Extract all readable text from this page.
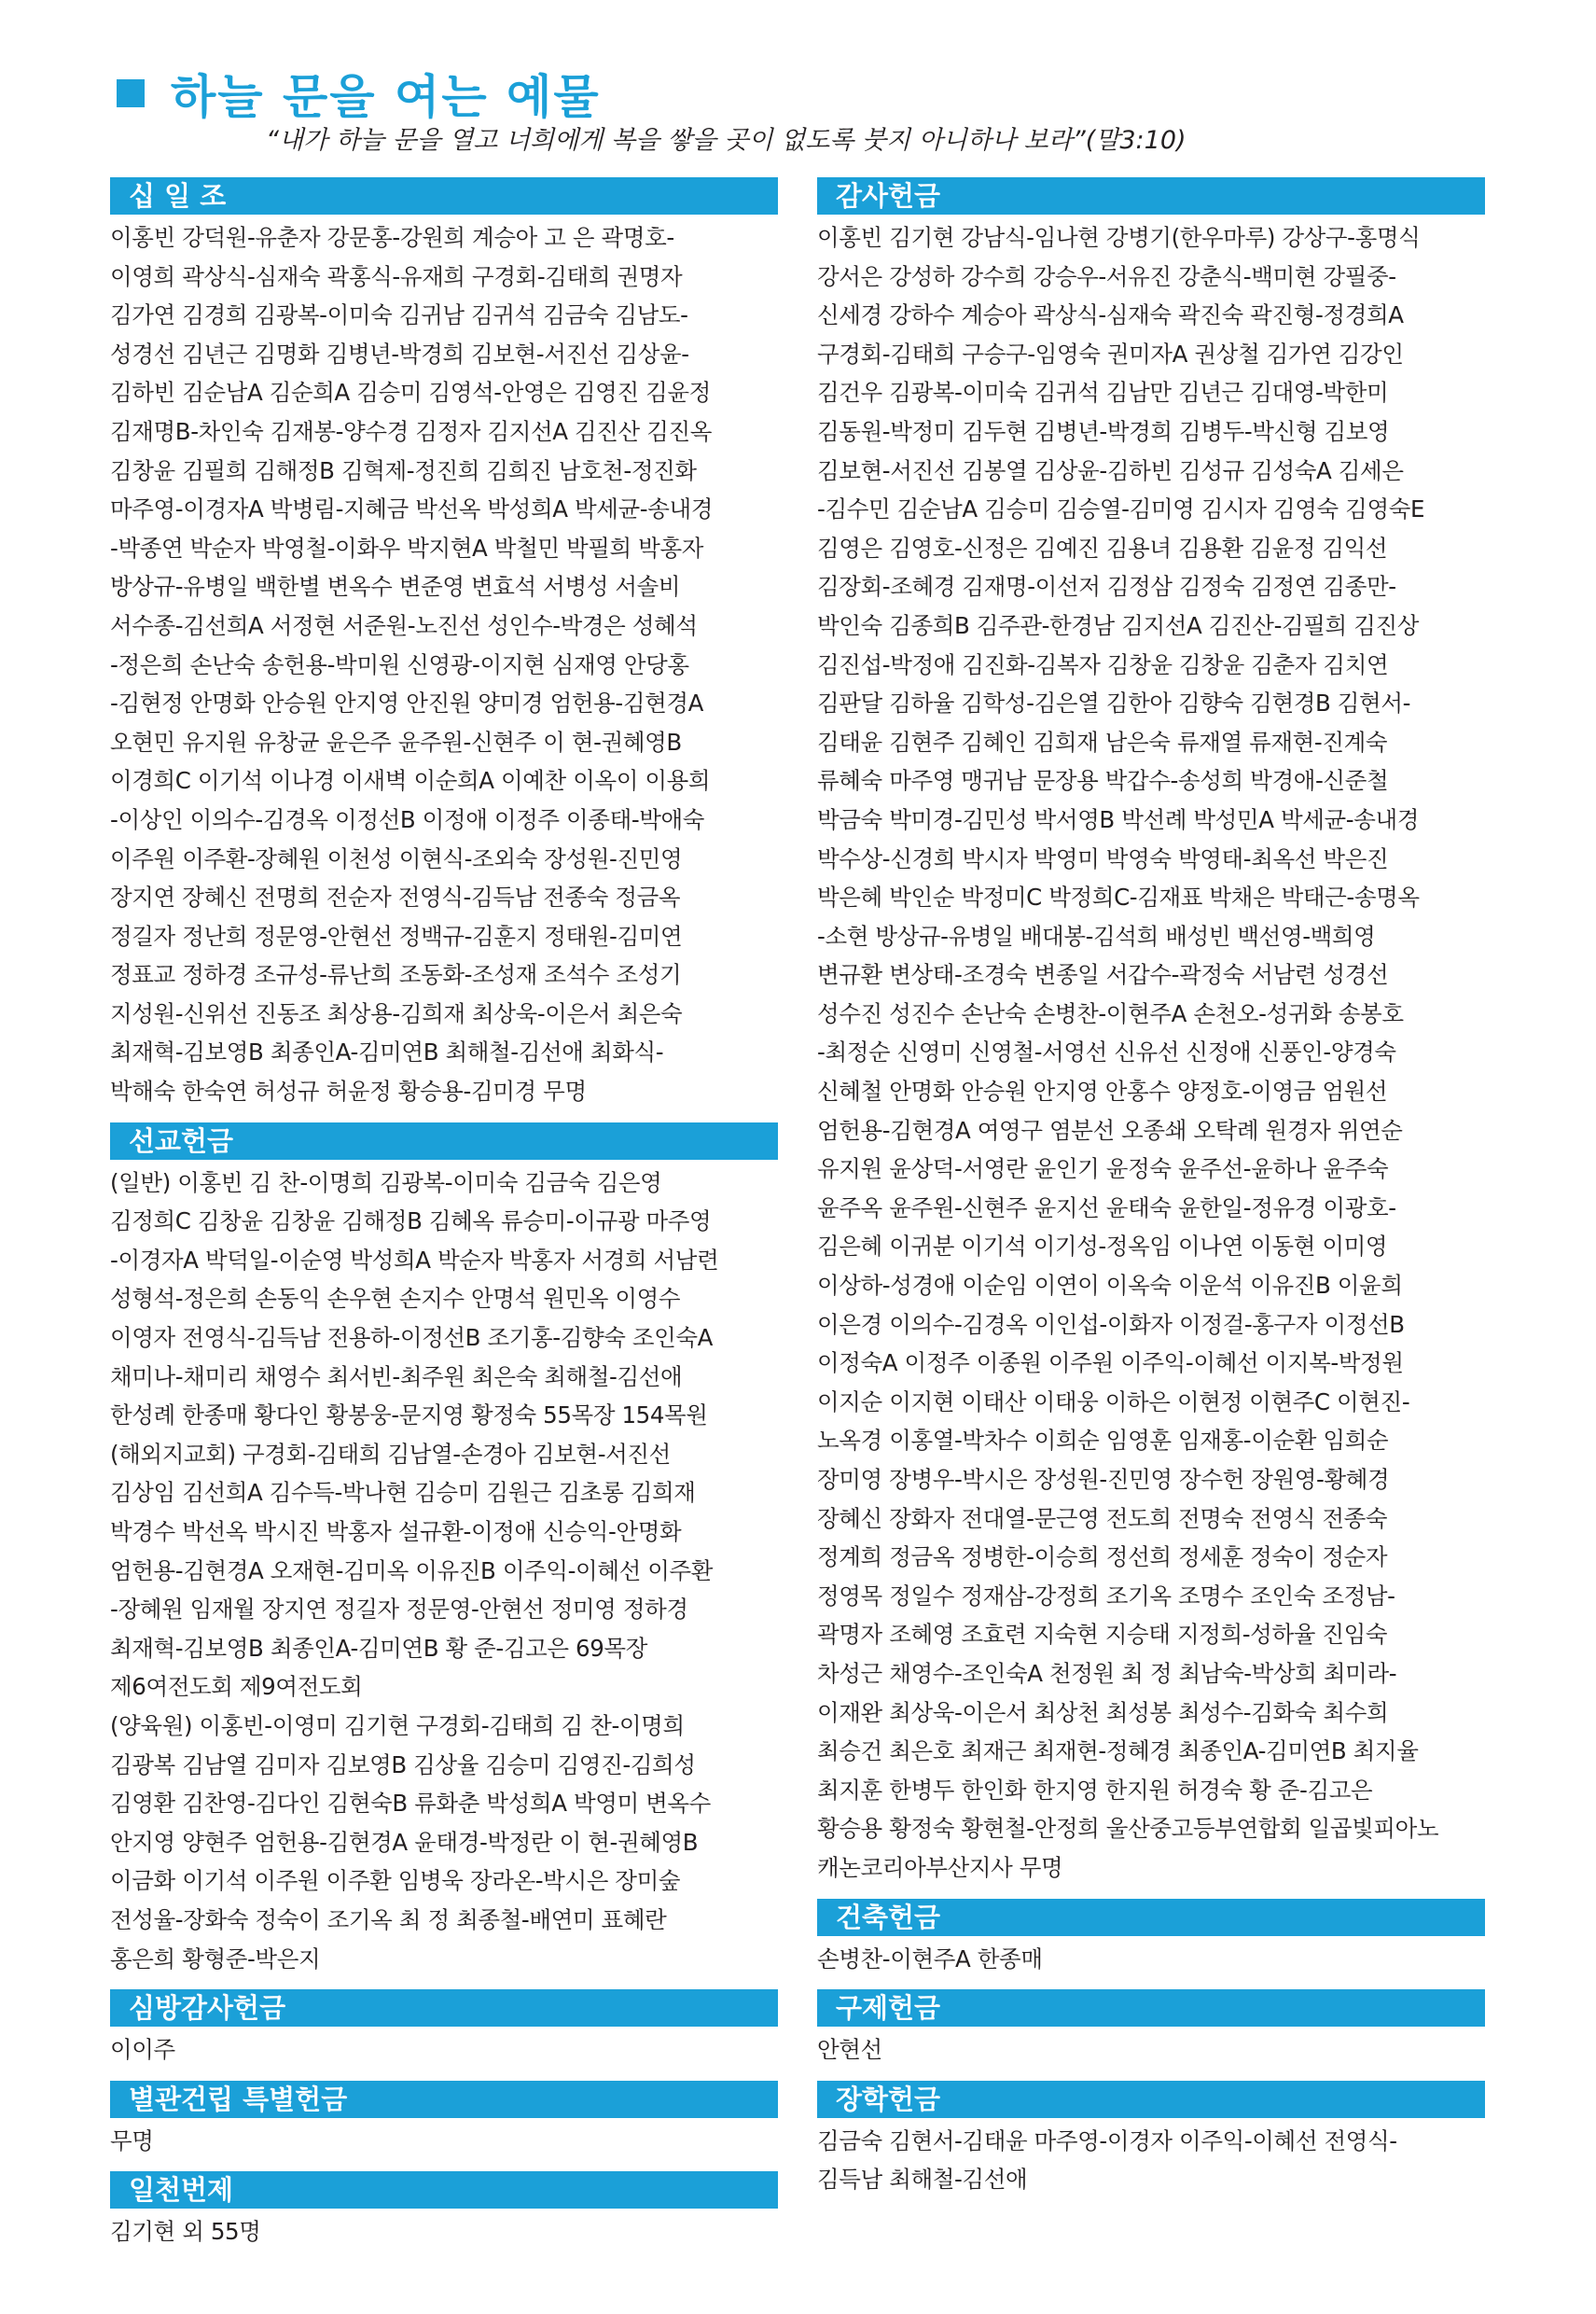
하늘 문을 여는 예물
“내가 하늘 문을 열고 너희에게 복을 쌓을 곳이 없도록 붓지 아니하나 보라”(말3:10)
십 일 조
이홍빈 강덕원-유춘자 강문홍-강원희 계승아 고 은 곽명호-
이영희 곽상식-심재숙 곽홍식-유재희 구경회-김태희 권명자
김가연 김경희 김광복-이미숙 김귀남 김귀석 김금숙 김남도-
성경선 김년근 김명화 김병년-박경희 김보현-서진선 김상윤-
김하빈 김순남A 김순희A 김승미 김영석-안영은 김영진 김윤정
김재명B-차인숙 김재봉-양수경 김정자 김지선A 김진산 김진옥
김창윤 김필희 김해정B 김혁제-정진희 김희진 남호천-정진화
마주영-이경자A 박병림-지혜금 박선옥 박성희A 박세균-송내경
-박종연 박순자 박영철-이화우 박지현A 박철민 박필희 박홍자
방상규-유병일 백한별 변옥수 변준영 변효석 서병성 서솔비
서수종-김선희A 서정현 서준원-노진선 성인수-박경은 성혜석
-정은희 손난숙 송헌용-박미원 신영광-이지현 심재영 안당홍
-김현정 안명화 안승원 안지영 안진원 양미경 엄헌용-김현경A
오현민 유지원 유창균 윤은주 윤주원-신현주 이 현-권혜영B
이경희C 이기석 이나경 이새벽 이순희A 이예찬 이옥이 이용희
-이상인 이의수-김경옥 이정선B 이정애 이정주 이종태-박애숙
이주원 이주환-장혜원 이천성 이현식-조외숙 장성원-진민영
장지연 장혜신 전명희 전순자 전영식-김득남 전종숙 정금옥
정길자 정난희 정문영-안현선 정백규-김훈지 정태원-김미연
정표교 정하경 조규성-류난희 조동화-조성재 조석수 조성기
지성원-신위선 진동조 최상용-김희재 최상욱-이은서 최은숙
최재혁-김보영B 최종인A-김미연B 최해철-김선애 최화식-
박해숙 한숙연 허성규 허윤정 황승용-김미경 무명
선교헌금
(일반) 이홍빈 김 찬-이명희 김광복-이미숙 김금숙 김은영
김정희C 김창윤 김창윤 김해정B 김혜옥 류승미-이규광 마주영
-이경자A 박덕일-이순영 박성희A 박순자 박홍자 서경희 서남련
성형석-정은희 손동익 손우현 손지수 안명석 원민옥 이영수
이영자 전영식-김득남 전용하-이정선B 조기홍-김향숙 조인숙A
채미나-채미리 채영수 최서빈-최주원 최은숙 최해철-김선애
한성례 한종매 황다인 황봉웅-문지영 황정숙 55목장 154목원
(해외지교회) 구경회-김태희 김남열-손경아 김보현-서진선
김상임 김선희A 김수득-박나현 김승미 김원근 김초롱 김희재
박경수 박선옥 박시진 박홍자 설규환-이정애 신승익-안명화
엄헌용-김현경A 오재현-김미옥 이유진B 이주익-이혜선 이주환
-장혜원 임재월 장지연 정길자 정문영-안현선 정미영 정하경
최재혁-김보영B 최종인A-김미연B 황 준-김고은 69목장
제6여전도회 제9여전도회
(양육원) 이홍빈-이영미 김기현 구경회-김태희 김 찬-이명희
김광복 김남열 김미자 김보영B 김상율 김승미 김영진-김희성
김영환 김찬영-김다인 김현숙B 류화춘 박성희A 박영미 변옥수
안지영 양현주 엄헌용-김현경A 윤태경-박정란 이 현-권혜영B
이금화 이기석 이주원 이주환 임병욱 장라온-박시은 장미숲
전성율-장화숙 정숙이 조기옥 최 정 최종철-배연미 표혜란
홍은희 황형준-박은지
심방감사헌금
이이주
별관건립 특별헌금
무명
일천번제
김기현 외 55명
감사헌금
이홍빈 김기현 강남식-임나현 강병기(한우마루) 강상구-홍명식
강서은 강성하 강수희 강승우-서유진 강춘식-백미현 강필중-
신세경 강하수 계승아 곽상식-심재숙 곽진숙 곽진형-정경희A
구경회-김태희 구승구-임영숙 권미자A 권상철 김가연 김강인
김건우 김광복-이미숙 김귀석 김남만 김년근 김대영-박한미
김동원-박정미 김두현 김병년-박경희 김병두-박신형 김보영
김보현-서진선 김봉열 김상윤-김하빈 김성규 김성숙A 김세은
-김수민 김순남A 김승미 김승열-김미영 김시자 김영숙 김영숙E
김영은 김영호-신정은 김예진 김용녀 김용환 김윤정 김익선
김장회-조혜경 김재명-이선저 김정삼 김정숙 김정연 김종만-
박인숙 김종희B 김주관-한경남 김지선A 김진산-김필희 김진상
김진섭-박정애 김진화-김복자 김창윤 김창윤 김춘자 김치연
김판달 김하율 김학성-김은열 김한아 김향숙 김현경B 김현서-
김태윤 김현주 김혜인 김희재 남은숙 류재열 류재현-진계숙
류혜숙 마주영 맹귀남 문장용 박갑수-송성희 박경애-신준철
박금숙 박미경-김민성 박서영B 박선례 박성민A 박세균-송내경
박수상-신경희 박시자 박영미 박영숙 박영태-최옥선 박은진
박은혜 박인순 박정미C 박정희C-김재표 박채은 박태근-송명옥
-소현 방상규-유병일 배대봉-김석희 배성빈 백선영-백희영
변규환 변상태-조경숙 변종일 서갑수-곽정숙 서남련 성경선
성수진 성진수 손난숙 손병찬-이현주A 손천오-성귀화 송봉호
-최정순 신영미 신영철-서영선 신유선 신정애 신풍인-양경숙
신혜철 안명화 안승원 안지영 안홍수 양정호-이영금 엄원선
엄헌용-김현경A 여영구 염분선 오종쇄 오탁례 원경자 위연순
유지원 윤상덕-서영란 윤인기 윤정숙 윤주선-윤하나 윤주숙
윤주옥 윤주원-신현주 윤지선 윤태숙 윤한일-정유경 이광호-
김은혜 이귀분 이기석 이기성-정옥임 이나연 이동현 이미영
이상하-성경애 이순임 이연이 이옥숙 이운석 이유진B 이윤희
이은경 이의수-김경옥 이인섭-이화자 이정걸-홍구자 이정선B
이정숙A 이정주 이종원 이주원 이주익-이혜선 이지복-박정원
이지순 이지현 이태산 이태웅 이하은 이현정 이현주C 이현진-
노옥경 이홍열-박차수 이희순 임영훈 임재홍-이순환 임희순
장미영 장병우-박시은 장성원-진민영 장수헌 장원영-황혜경
장혜신 장화자 전대열-문근영 전도희 전명숙 전영식 전종숙
정계희 정금옥 정병한-이승희 정선희 정세훈 정숙이 정순자
정영목 정일수 정재삼-강정희 조기옥 조명수 조인숙 조정남-
곽명자 조혜영 조효련 지숙현 지승태 지정희-성하율 진임숙
차성근 채영수-조인숙A 천정원 최 정 최남숙-박상희 최미라-
이재완 최상욱-이은서 최상천 최성봉 최성수-김화숙 최수희
최승건 최은호 최재근 최재현-정혜경 최종인A-김미연B 최지율
최지훈 한병두 한인화 한지영 한지원 허경숙 황 준-김고은
황승용 황정숙 황현철-안정희 울산중고등부연합회 일곱빛피아노
캐논코리아부산지사 무명
건축헌금
손병찬-이현주A 한종매
구제헌금
안현선
장학헌금
김금숙 김현서-김태윤 마주영-이경자 이주익-이혜선 전영식-
김득남 최해철-김선애
